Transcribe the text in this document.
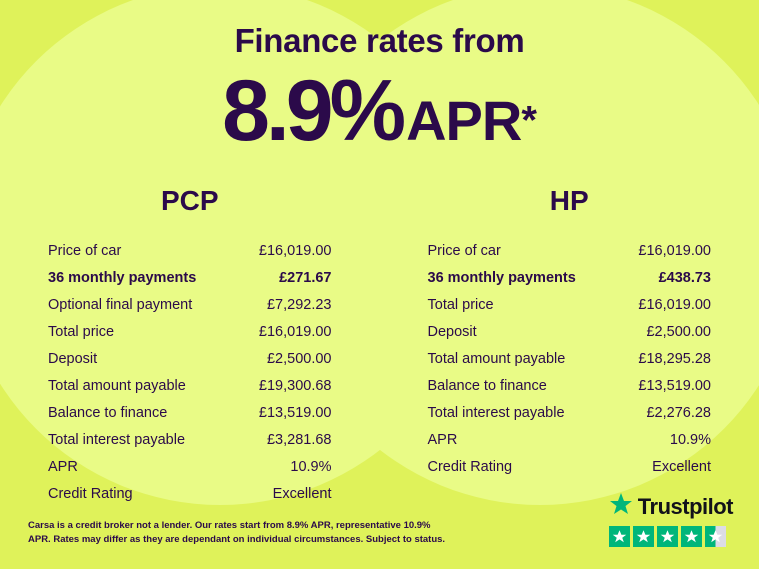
Finance rates from
8.9%APR*
PCP
Price of car	£16,019.00
36 monthly payments	£271.67
Optional final payment	£7,292.23
Total price	£16,019.00
Deposit	£2,500.00
Total amount payable	£19,300.68
Balance to finance	£13,519.00
Total interest payable	£3,281.68
APR	10.9%
Credit Rating	Excellent
HP
Price of car	£16,019.00
36 monthly payments	£438.73
Total price	£16,019.00
Deposit	£2,500.00
Total amount payable	£18,295.28
Balance to finance	£13,519.00
Total interest payable	£2,276.28
APR	10.9%
Credit Rating	Excellent
Carsa is a credit broker not a lender. Our rates start from 8.9% APR, representative 10.9% APR. Rates may differ as they are dependant on individual circumstances. Subject to status.
Trustpilot
